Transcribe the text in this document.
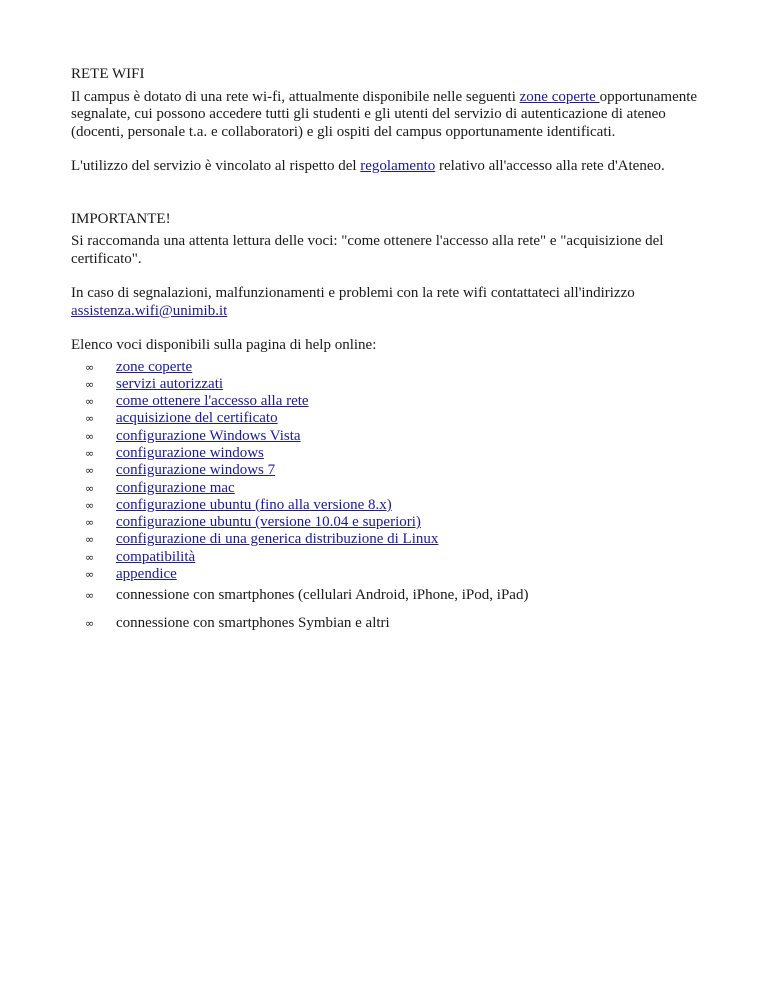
RETE WIFI

Il campus è dotato di una rete wi-fi, attualmente disponibile nelle seguenti zone coperte opportunamente segnalate, cui possono accedere tutti gli studenti e gli utenti del servizio di autenticazione di ateneo (docenti, personale t.a. e collaboratori) e gli ospiti del campus opportunamente identificati.

L'utilizzo del servizio è vincolato al rispetto del regolamento relativo all'accesso alla rete d'Ateneo.

IMPORTANTE!

Si raccomanda una attenta lettura delle voci: "come ottenere l'accesso alla rete" e "acquisizione del certificato".

In caso di segnalazioni, malfunzionamenti e problemi con la rete wifi contattateci all'indirizzo
assistenza.wifi@unimib.it

Elenco voci disponibili sulla pagina di help online:

∞ zone coperte
∞ servizi autorizzati
∞ come ottenere l'accesso alla rete
∞ acquisizione del certificato
∞ configurazione Windows Vista
∞ configurazione windows
∞ configurazione windows 7
∞ configurazione mac
∞ configurazione ubuntu (fino alla versione 8.x)
∞ configurazione ubuntu (versione 10.04 e superiori)
∞ configurazione di una generica distribuzione di Linux
∞ compatibilità
∞ appendice
∞ connessione con smartphones (cellulari Android, iPhone, iPod, iPad)
∞ connessione con smartphones Symbian e altri
